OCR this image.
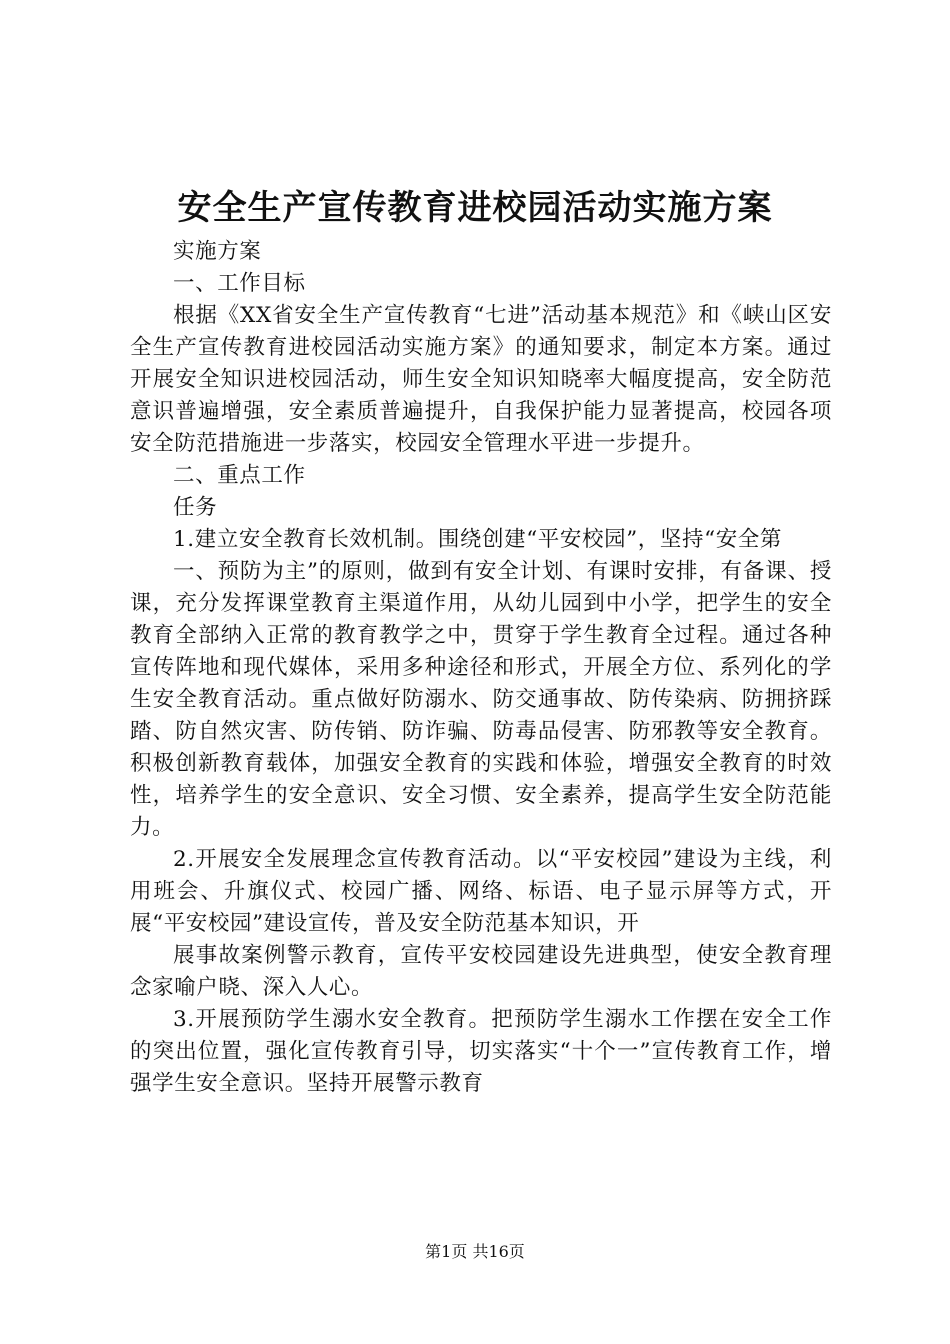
安全生产宣传教育进校园活动实施方案

实施方案

一、工作目标

根据《XX省安全生产宣传教育“七进”活动基本规范》和《峡山区安全生产宣传教育进校园活动实施方案》的通知要求，制定本方案。通过开展安全知识进校园活动，师生安全知识知晓率大幅度提高，安全防范意识普遍增强，安全素质普遍提升，自我保护能力显著提高，校园各项安全防范措施进一步落实，校园安全管理水平进一步提升。

二、重点工作

任务

1.建立安全教育长效机制。围绕创建“平安校园”，坚持“安全第

一、预防为主”的原则，做到有安全计划、有课时安排，有备课、授课，充分发挥课堂教育主渠道作用，从幼儿园到中小学，把学生的安全教育全部纳入正常的教育教学之中，贯穿于学生教育全过程。通过各种宣传阵地和现代媒体，采用多种途径和形式，开展全方位、系列化的学生安全教育活动。重点做好防溺水、防交通事故、防传染病、防拥挤踩踏、防自然灾害、防传销、防诈骗、防毒品侵害、防邪教等安全教育。积极创新教育载体，加强安全教育的实践和体验，增强安全教育的时效性，培养学生的安全意识、安全习惯、安全素养，提高学生安全防范能力。

2.开展安全发展理念宣传教育活动。以“平安校园”建设为主线，利用班会、升旗仪式、校园广播、网络、标语、电子显示屏等方式，开展“平安校园”建设宣传，普及安全防范基本知识，开

展事故案例警示教育，宣传平安校园建设先进典型，使安全教育理念家喻户晓、深入人心。

3.开展预防学生溺水安全教育。把预防学生溺水工作摆在安全工作的突出位置，强化宣传教育引导，切实落实“十个一”宣传教育工作，增强学生安全意识。坚持开展警示教育

第1页 共16页
